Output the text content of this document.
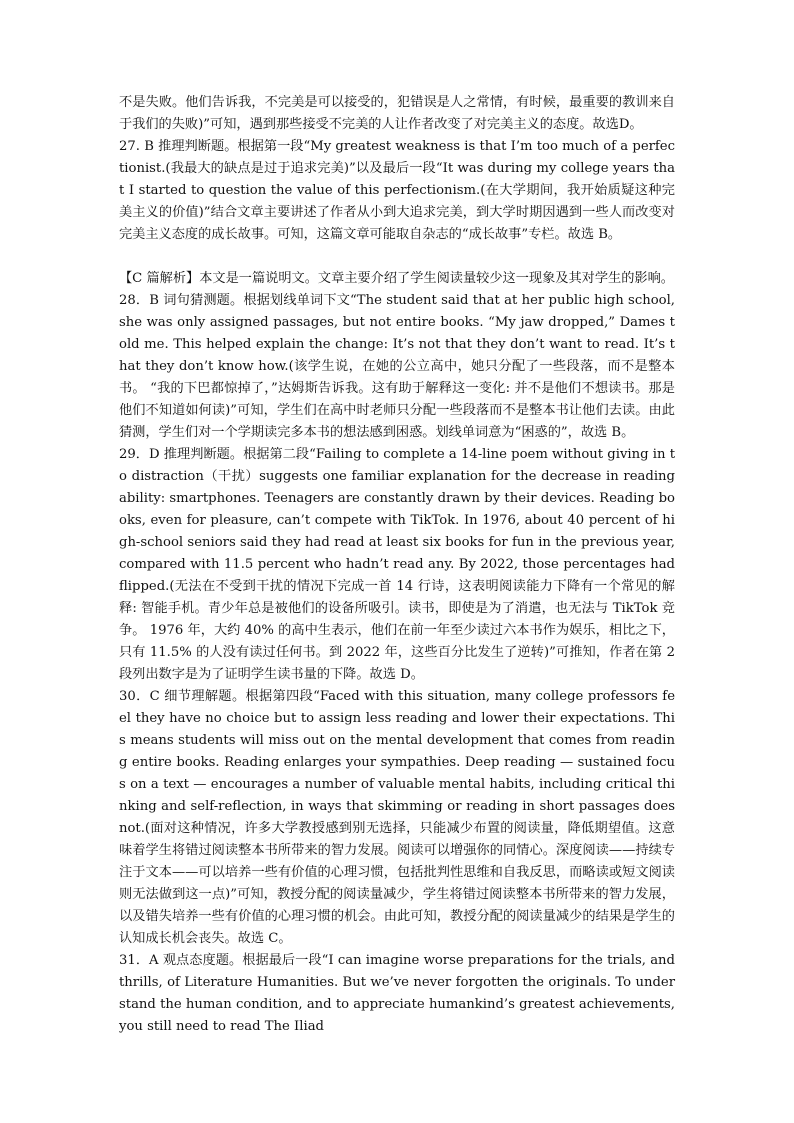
不是失败。他们告诉我，不完美是可以接受的，犯错误是人之常情，有时候，最重要的教训来自于我们的失败)”可知，遇到那些接受不完美的人让作者改变了对完美主义的态度。故选D。

27. B 推理判断题。根据第一段“My greatest weakness is that I’m too much of a perfectionist.(我最大的缺点是过于追求完美)”以及最后一段“It was during my college years that I started to question the value of this perfectionism.(在大学期间，我开始质疑这种完美主义的价值)”结合文章主要讲述了作者从小到大追求完美，到大学时期因遇到一些人而改变对完美主义态度的成长故事。可知，这篇文章可能取自杂志的“成长故事”专栏。故选 B。

【C 篇解析】本文是一篇说明文。文章主要介绍了学生阅读量较少这一现象及其对学生的影响。

28．B 词句猜测题。根据划线单词下文“The student said that at her public high school, she was only assigned passages, but not entire books. “My jaw dropped,” Dames told me. This helped explain the change: It’s not that they don’t want to read. It’s that they don’t know how.(该学生说，在她的公立高中，她只分配了一些段落，而不是整本书。 “我的下巴都惊掉了，”达姆斯告诉我。这有助于解释这一变化: 并不是他们不想读书。那是他们不知道如何读)”可知，学生们在高中时老师只分配一些段落而不是整本书让他们去读。由此猜测，学生们对一个学期读完多本书的想法感到困惑。划线单词意为“困惑的”，故选 B。

29．D 推理判断题。根据第二段“Failing to complete a 14-line poem without giving in to distraction（干扰）suggests one familiar explanation for the decrease in reading ability: smartphones. Teenagers are constantly drawn by their devices. Reading books, even for pleasure, can’t compete with TikTok. In 1976, about 40 percent of high-school seniors said they had read at least six books for fun in the previous year, compared with 11.5 percent who hadn’t read any. By 2022, those percentages had flipped.(无法在不受到干扰的情况下完成一首 14 行诗，这表明阅读能力下降有一个常见的解释: 智能手机。青少年总是被他们的设备所吸引。读书，即使是为了消遣，也无法与 TikTok 竞争。 1976 年，大约 40% 的高中生表示，他们在前一年至少读过六本书作为娱乐，相比之下，只有 11.5% 的人没有读过任何书。到 2022 年，这些百分比发生了逆转)”可推知，作者在第 2 段列出数字是为了证明学生读书量的下降。故选 D。

30．C 细节理解题。根据第四段“Faced with this situation, many college professors feel they have no choice but to assign less reading and lower their expectations. This means students will miss out on the mental development that comes from reading entire books. Reading enlarges your sympathies. Deep reading — sustained focus on a text — encourages a number of valuable mental habits, including critical thinking and self-reflection, in ways that skimming or reading in short passages does not.(面对这种情况，许多大学教授感到别无选择，只能减少布置的阅读量，降低期望值。这意味着学生将错过阅读整本书所带来的智力发展。阅读可以增强你的同情心。深度阅读——持续专注于文本——可以培养一些有价值的心理习惯，包括批判性思维和自我反思，而略读或短文阅读则无法做到这一点)”可知，教授分配的阅读量减少，学生将错过阅读整本书所带来的智力发展，以及错失培养一些有价值的心理习惯的机会。由此可知，教授分配的阅读量减少的结果是学生的认知成长机会丧失。故选 C。

31．A 观点态度题。根据最后一段“I can imagine worse preparations for the trials, and thrills, of Literature Humanities. But we’ve never forgotten the originals. To understand the human condition, and to appreciate humankind’s greatest achievements, you still need to read The Iliad
